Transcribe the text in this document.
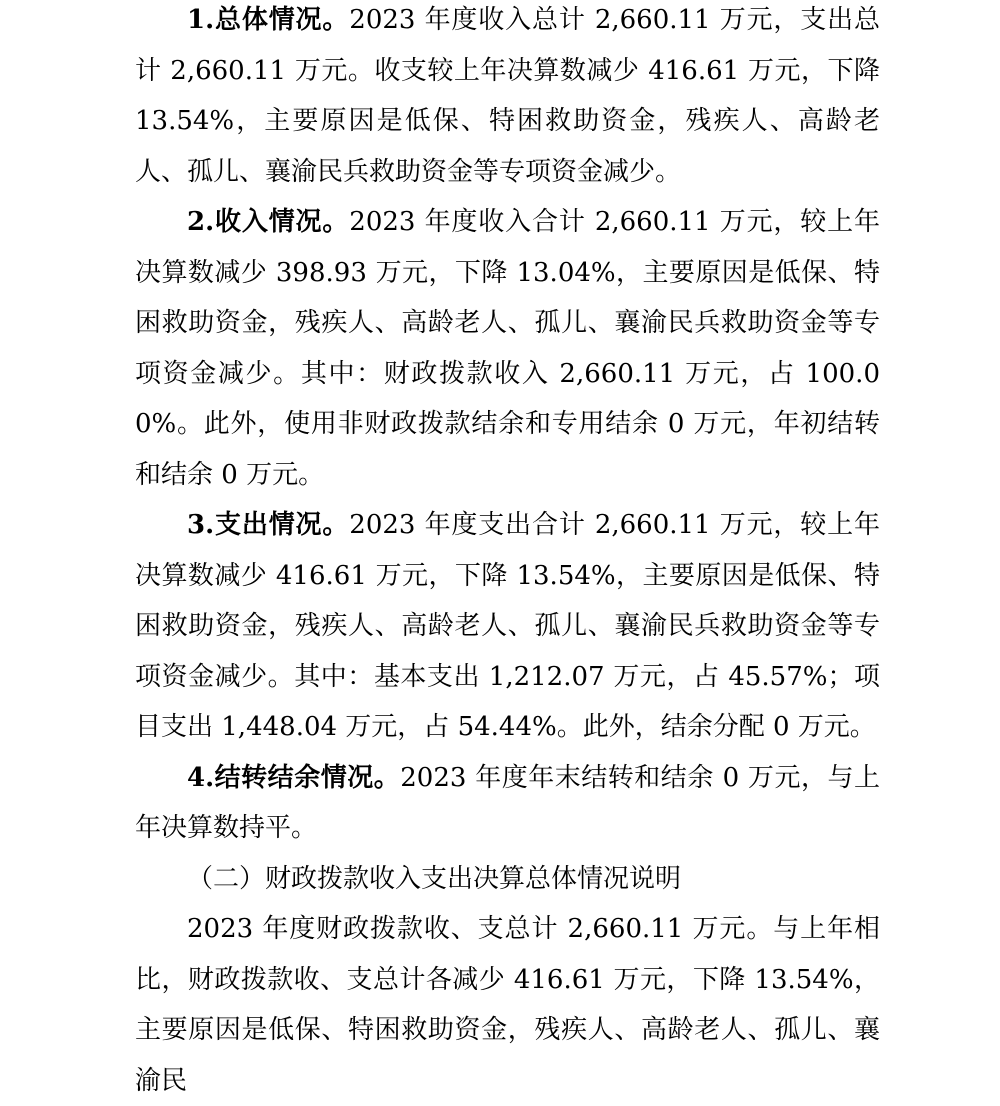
1.总体情况。2023 年度收入总计 2,660.11 万元，支出总计 2,660.11 万元。收支较上年决算数减少 416.61 万元，下降 13.54%，主要原因是低保、特困救助资金，残疾人、高龄老人、孤儿、襄渝民兵救助资金等专项资金减少。

2.收入情况。2023 年度收入合计 2,660.11 万元，较上年决算数减少 398.93 万元，下降 13.04%，主要原因是低保、特困救助资金，残疾人、高龄老人、孤儿、襄渝民兵救助资金等专项资金减少。其中：财政拨款收入 2,660.11 万元，占 100.00%。此外，使用非财政拨款结余和专用结余 0 万元，年初结转和结余 0 万元。

3.支出情况。2023 年度支出合计 2,660.11 万元，较上年决算数减少 416.61 万元，下降 13.54%，主要原因是低保、特困救助资金，残疾人、高龄老人、孤儿、襄渝民兵救助资金等专项资金减少。其中：基本支出 1,212.07 万元，占 45.57%；项目支出 1,448.04 万元，占 54.44%。此外，结余分配 0 万元。

4.结转结余情况。2023 年度年末结转和结余 0 万元，与上年决算数持平。

（二）财政拨款收入支出决算总体情况说明

2023 年度财政拨款收、支总计 2,660.11 万元。与上年相比，财政拨款收、支总计各减少 416.61 万元，下降 13.54%，主要原因是低保、特困救助资金，残疾人、高龄老人、孤儿、襄渝民
